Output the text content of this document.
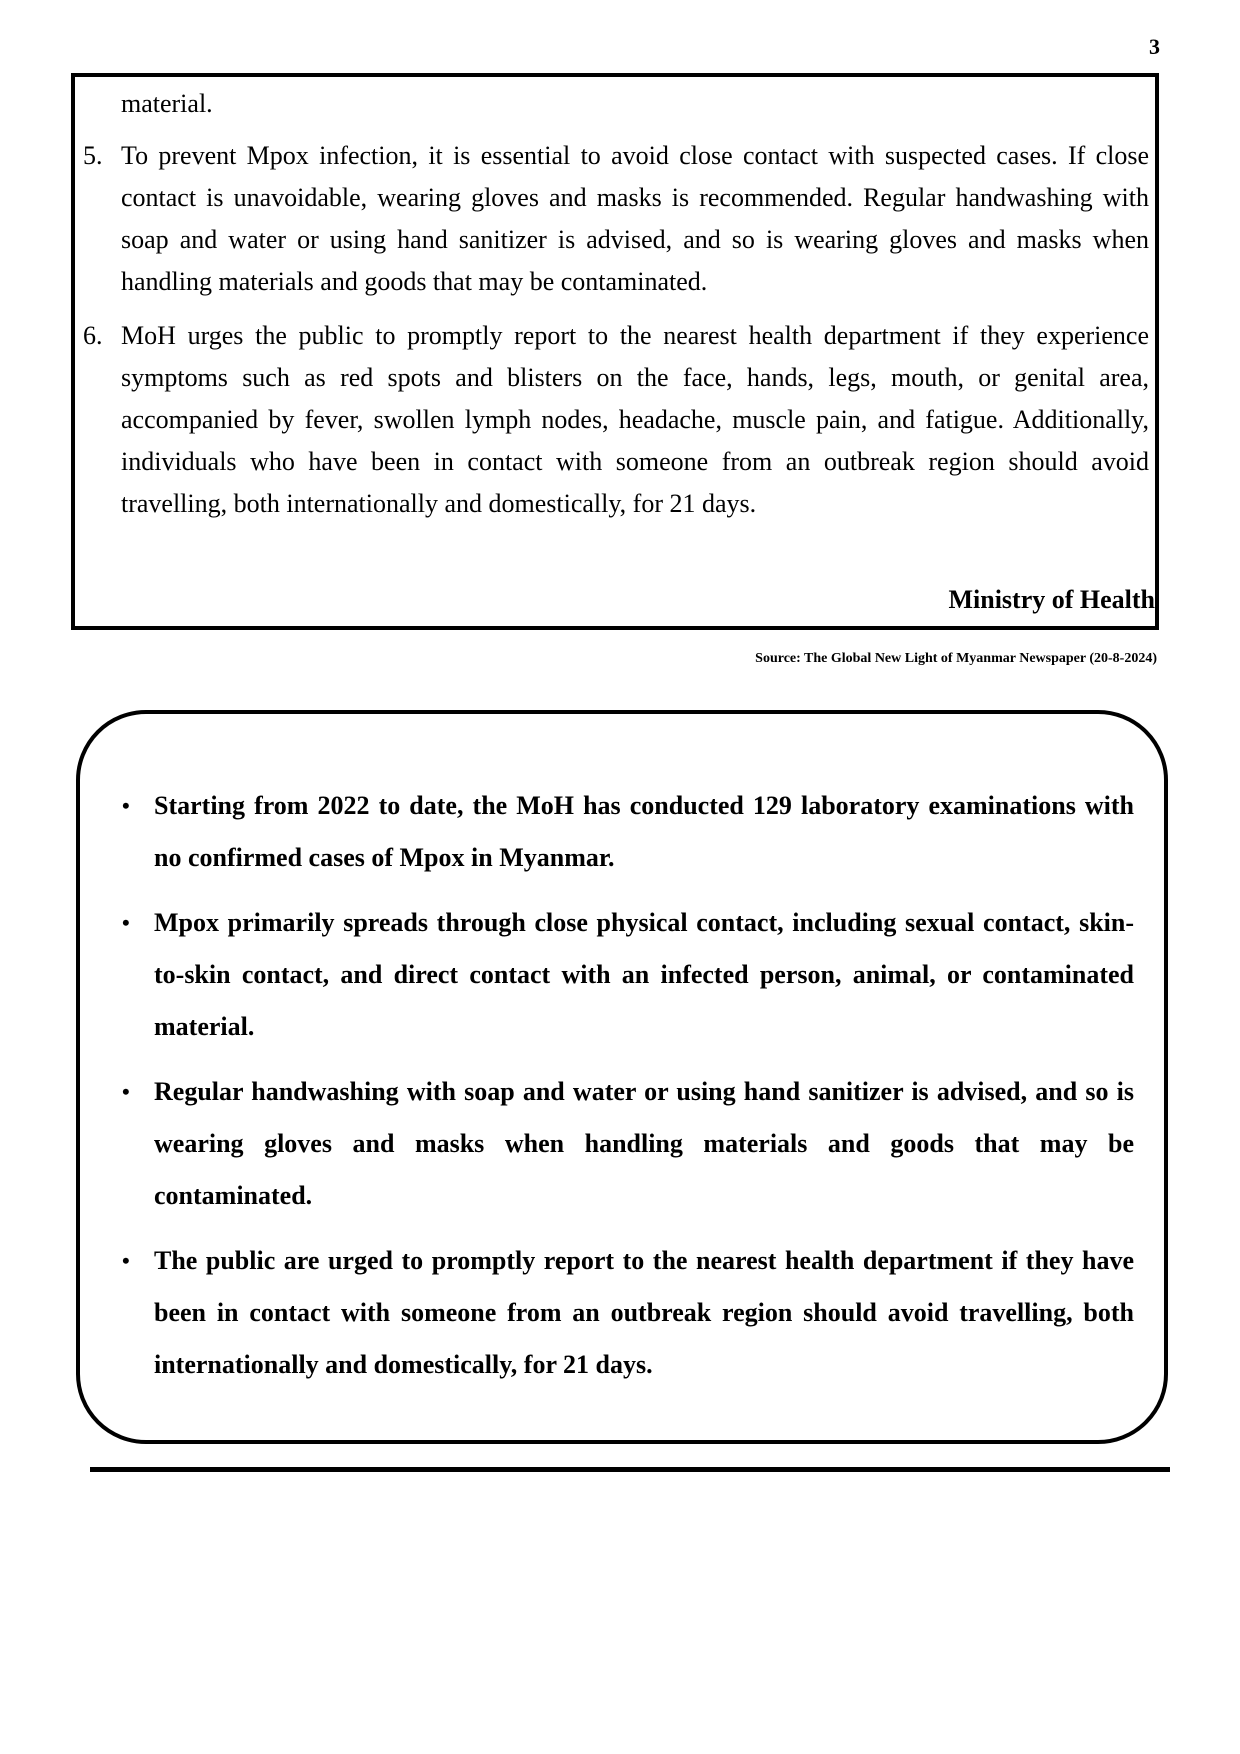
3

material.

5. To prevent Mpox infection, it is essential to avoid close contact with suspected cases. If close contact is unavoidable, wearing gloves and masks is recommended. Regular handwashing with soap and water or using hand sanitizer is advised, and so is wearing gloves and masks when handling materials and goods that may be contaminated.
6. MoH urges the public to promptly report to the nearest health department if they experience symptoms such as red spots and blisters on the face, hands, legs, mouth, or genital area, accompanied by fever, swollen lymph nodes, headache, muscle pain, and fatigue. Additionally, individuals who have been in contact with someone from an outbreak region should avoid travelling, both internationally and domestically, for 21 days.
Ministry of Health
Source: The Global New Light of Myanmar Newspaper (20-8-2024)
• Starting from 2022 to date, the MoH has conducted 129 laboratory examinations with no confirmed cases of Mpox in Myanmar.
• Mpox primarily spreads through close physical contact, including sexual contact, skin-to-skin contact, and direct contact with an infected person, animal, or contaminated material.
• Regular handwashing with soap and water or using hand sanitizer is advised, and so is wearing gloves and masks when handling materials and goods that may be contaminated.
• The public are urged to promptly report to the nearest health department if they have been in contact with someone from an outbreak region should avoid travelling, both internationally and domestically, for 21 days.
